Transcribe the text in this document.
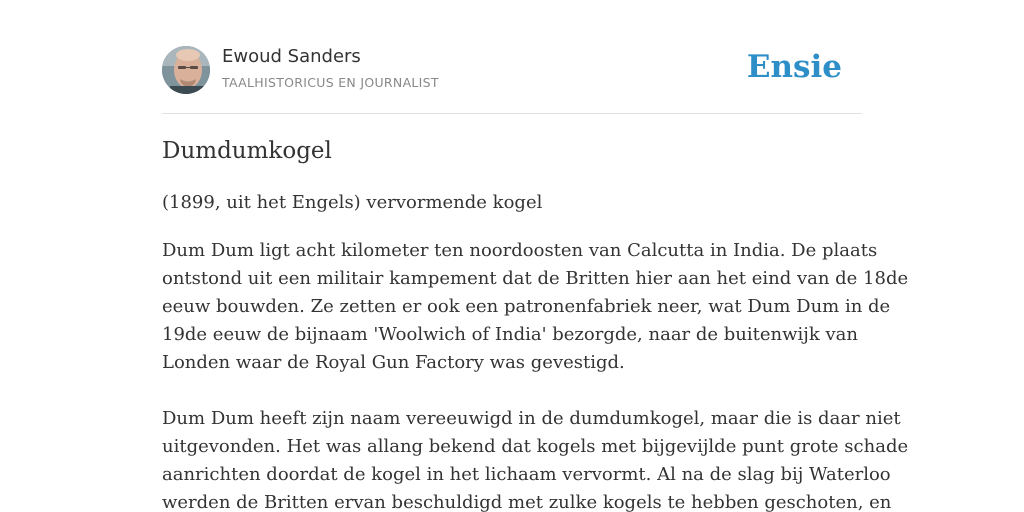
Ewoud Sanders
TAALHISTORICUS EN JOURNALIST	Ensie
Dumdumkogel
(1899, uit het Engels) vervormende kogel
Dum Dum ligt acht kilometer ten noordoosten van Calcutta in India. De plaats
ontstond uit een militair kampement dat de Britten hier aan het eind van de 18de
eeuw bouwden. Ze zetten er ook een patronenfabriek neer, wat Dum Dum in de
19de eeuw de bijnaam 'Woolwich of India' bezorgde, naar de buitenwijk van
Londen waar de Royal Gun Factory was gevestigd.
Dum Dum heeft zijn naam vereeuwigd in de dumdumkogel, maar die is daar niet
uitgevonden. Het was allang bekend dat kogels met bijgevijlde punt grote schade
aanrichten doordat de kogel in het lichaam vervormt. Al na de slag bij Waterloo
werden de Britten ervan beschuldigd met zulke kogels te hebben geschoten, en
